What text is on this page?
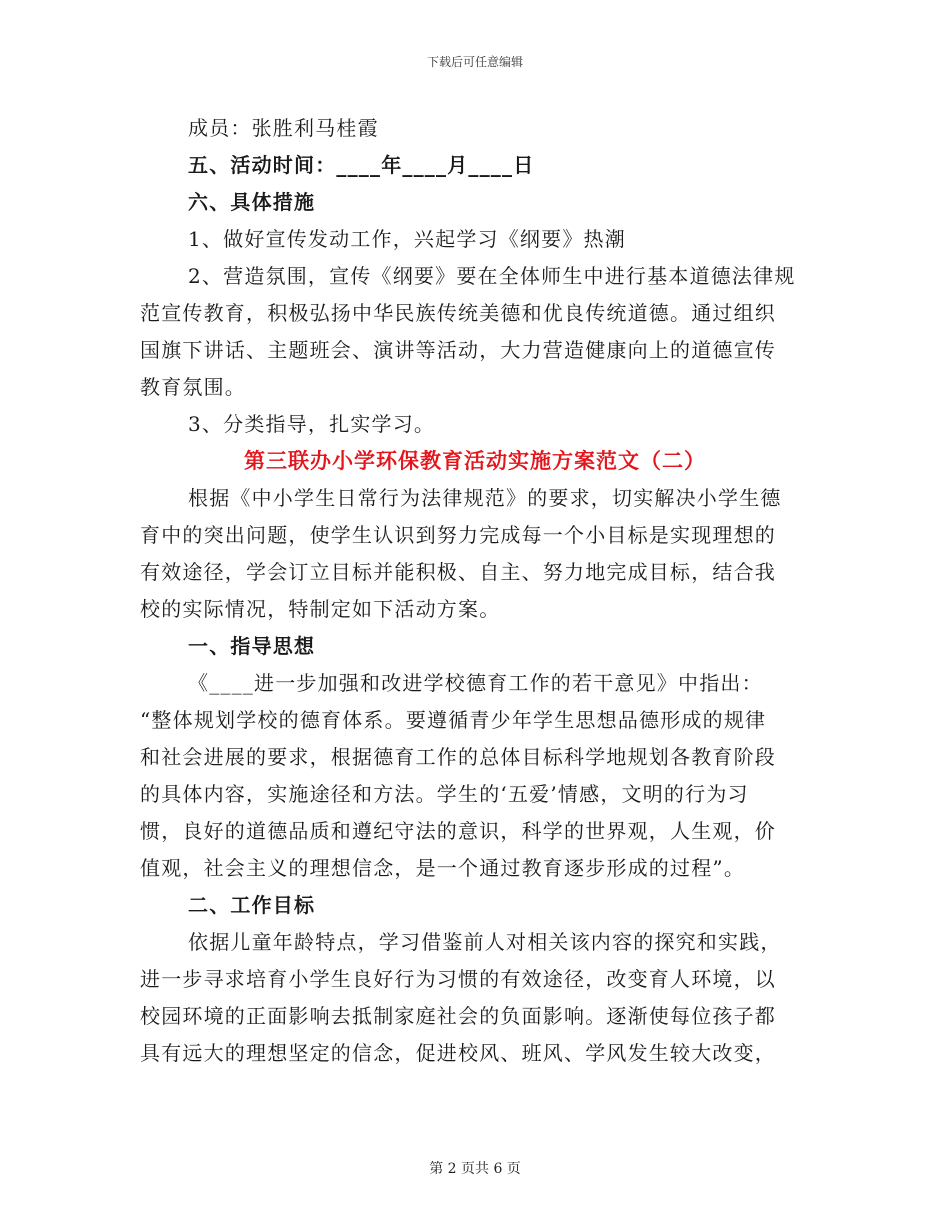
下载后可任意编辑
成员：张胜利马桂霞
五、活动时间：____年____月____日
六、具体措施
1、做好宣传发动工作，兴起学习《纲要》热潮
2、营造氛围，宣传《纲要》要在全体师生中进行基本道德法律规
范宣传教育，积极弘扬中华民族传统美德和优良传统道德。通过组织
国旗下讲话、主题班会、演讲等活动，大力营造健康向上的道德宣传
教育氛围。
3、分类指导，扎实学习。
第三联办小学环保教育活动实施方案范文（二）
根据《中小学生日常行为法律规范》的要求，切实解决小学生德
育中的突出问题，使学生认识到努力完成每一个小目标是实现理想的
有效途径，学会订立目标并能积极、自主、努力地完成目标，结合我
校的实际情况，特制定如下活动方案。
一、指导思想
《____进一步加强和改进学校德育工作的若干意见》中指出：
“整体规划学校的德育体系。要遵循青少年学生思想品德形成的规律
和社会进展的要求，根据德育工作的总体目标科学地规划各教育阶段
的具体内容，实施途径和方法。学生的‘五爱’情感，文明的行为习
惯，良好的道德品质和遵纪守法的意识，科学的世界观，人生观，价
值观，社会主义的理想信念，是一个通过教育逐步形成的过程”。
二、工作目标
依据儿童年龄特点，学习借鉴前人对相关该内容的探究和实践，
进一步寻求培育小学生良好行为习惯的有效途径，改变育人环境，以
校园环境的正面影响去抵制家庭社会的负面影响。逐渐使每位孩子都
具有远大的理想坚定的信念，促进校风、班风、学风发生较大改变，
第 2 页共 6 页
